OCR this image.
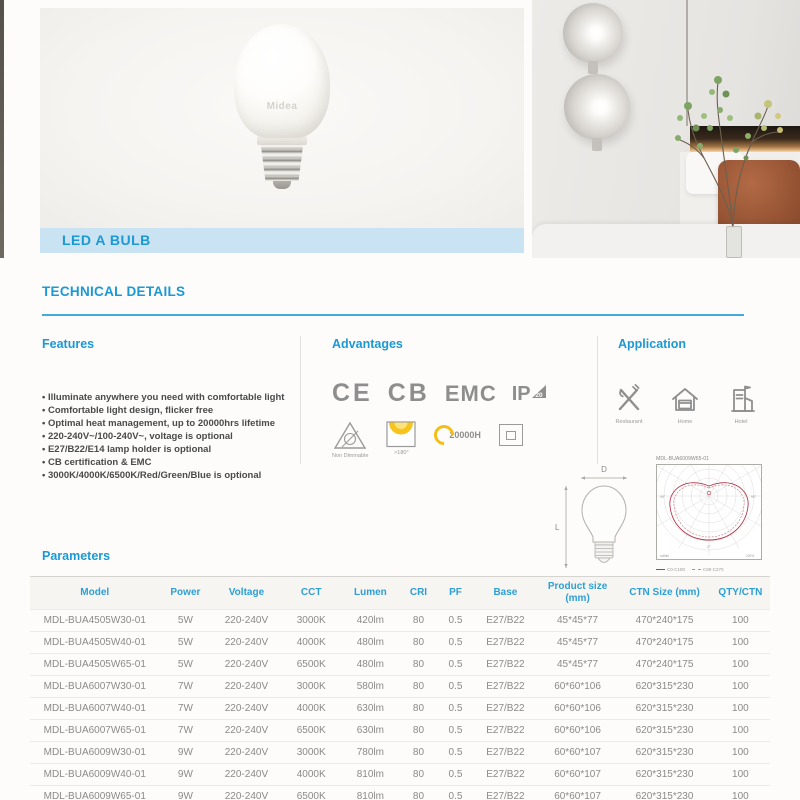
Midea
LED A BULB
TECHNICAL DETAILS
Features
• Illuminate anywhere you need with comfortable light
• Comfortable light design, flicker free
• Optimal heat management, up to 20000hrs lifetime
• 220-240V~/100-240V~, voltage is optional
• E27/B22/E14 lamp holder is optional
• CB certification & EMC
• 3000K/4000K/6500K/Red/Green/Blue is optional
Advantages
CE CB EMC IP 20
Non Dimmable	>180°
20000H
Application
Restaurant	Home	Hotel
D
L
MDL-BUA6009W65-01
90°	90°
0°
cd/klm	100%
C0-C180	C90-C270
Parameters
Model	Power	Voltage	CCT	Lumen	CRI	PF	Base	Product size (mm)	CTN Size (mm)	QTY/CTN
MDL-BUA4505W30-01	5W	220-240V	3000K	420lm	80	0.5	E27/B22	45*45*77	470*240*175	100
MDL-BUA4505W40-01	5W	220-240V	4000K	480lm	80	0.5	E27/B22	45*45*77	470*240*175	100
MDL-BUA4505W65-01	5W	220-240V	6500K	480lm	80	0.5	E27/B22	45*45*77	470*240*175	100
MDL-BUA6007W30-01	7W	220-240V	3000K	580lm	80	0.5	E27/B22	60*60*106	620*315*230	100
MDL-BUA6007W40-01	7W	220-240V	4000K	630lm	80	0.5	E27/B22	60*60*106	620*315*230	100
MDL-BUA6007W65-01	7W	220-240V	6500K	630lm	80	0.5	E27/B22	60*60*106	620*315*230	100
MDL-BUA6009W30-01	9W	220-240V	3000K	780lm	80	0.5	E27/B22	60*60*107	620*315*230	100
MDL-BUA6009W40-01	9W	220-240V	4000K	810lm	80	0.5	E27/B22	60*60*107	620*315*230	100
MDL-BUA6009W65-01	9W	220-240V	6500K	810lm	80	0.5	E27/B22	60*60*107	620*315*230	100
